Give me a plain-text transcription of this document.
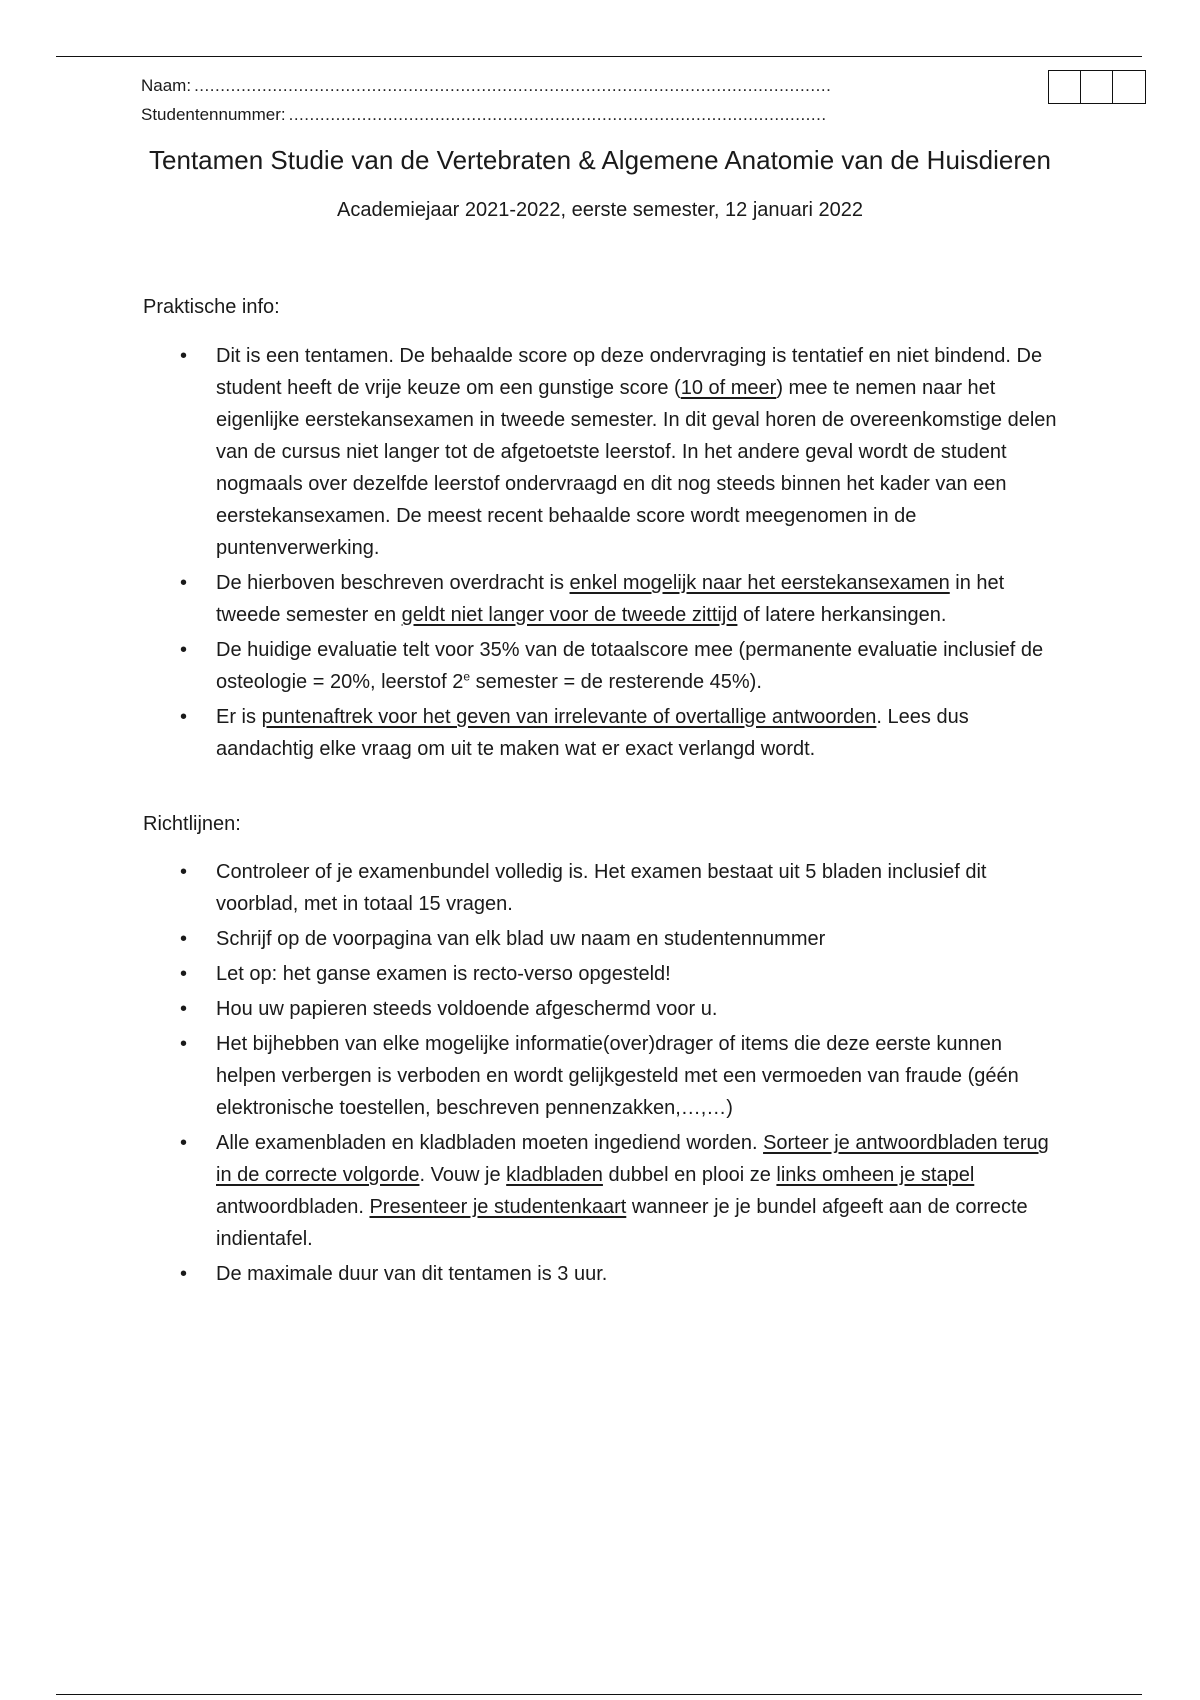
Naam: ..........................................................................................................................
Studentennummer: .......................................................................................................
Tentamen Studie van de Vertebraten & Algemene Anatomie van de Huisdieren
Academiejaar 2021-2022, eerste semester, 12 januari 2022
Praktische info:
• Dit is een tentamen. De behaalde score op deze ondervraging is tentatief en niet bindend. De student heeft de vrije keuze om een gunstige score (10 of meer) mee te nemen naar het eigenlijke eerstekansexamen in tweede semester. In dit geval horen de overeenkomstige delen van de cursus niet langer tot de afgetoetste leerstof. In het andere geval wordt de student nogmaals over dezelfde leerstof ondervraagd en dit nog steeds binnen het kader van een eerstekansexamen. De meest recent behaalde score wordt meegenomen in de puntenverwerking.
• De hierboven beschreven overdracht is enkel mogelijk naar het eerstekansexamen in het tweede semester en geldt niet langer voor de tweede zittijd of latere herkansingen.
• De huidige evaluatie telt voor 35% van de totaalscore mee (permanente evaluatie inclusief de osteologie = 20%, leerstof 2e semester = de resterende 45%).
• Er is puntenaftrek voor het geven van irrelevante of overtallige antwoorden. Lees dus aandachtig elke vraag om uit te maken wat er exact verlangd wordt.
Richtlijnen:
• Controleer of je examenbundel volledig is. Het examen bestaat uit 5 bladen inclusief dit voorblad, met in totaal 15 vragen.
• Schrijf op de voorpagina van elk blad uw naam en studentennummer
• Let op: het ganse examen is recto-verso opgesteld!
• Hou uw papieren steeds voldoende afgeschermd voor u.
• Het bijhebben van elke mogelijke informatie(over)drager of items die deze eerste kunnen helpen verbergen is verboden en wordt gelijkgesteld met een vermoeden van fraude (géén elektronische toestellen, beschreven pennenzakken,…,…)
• Alle examenbladen en kladbladen moeten ingediend worden. Sorteer je antwoordbladen terug in de correcte volgorde. Vouw je kladbladen dubbel en plooi ze links omheen je stapel antwoordbladen. Presenteer je studentenkaart wanneer je je bundel afgeeft aan de correcte indientafel.
• De maximale duur van dit tentamen is 3 uur.
